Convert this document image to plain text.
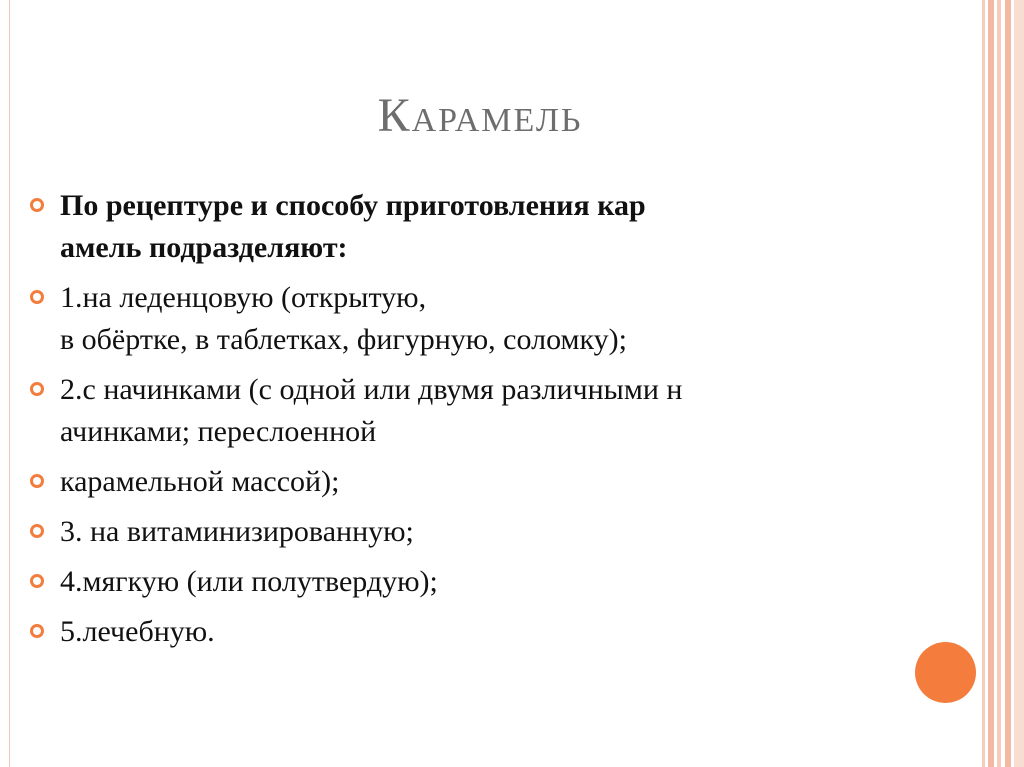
Карамель
По рецептуре и способу приготовления кар
амель подразделяют:
1.на леденцовую (открытую,
в обёртке, в таблетках, фигурную, соломку);
2.с начинками (с одной или двумя различными н
ачинками; переслоенной
карамельной массой);
3. на витаминизированную;
4.мягкую (или полутвердую);
5.лечебную.
